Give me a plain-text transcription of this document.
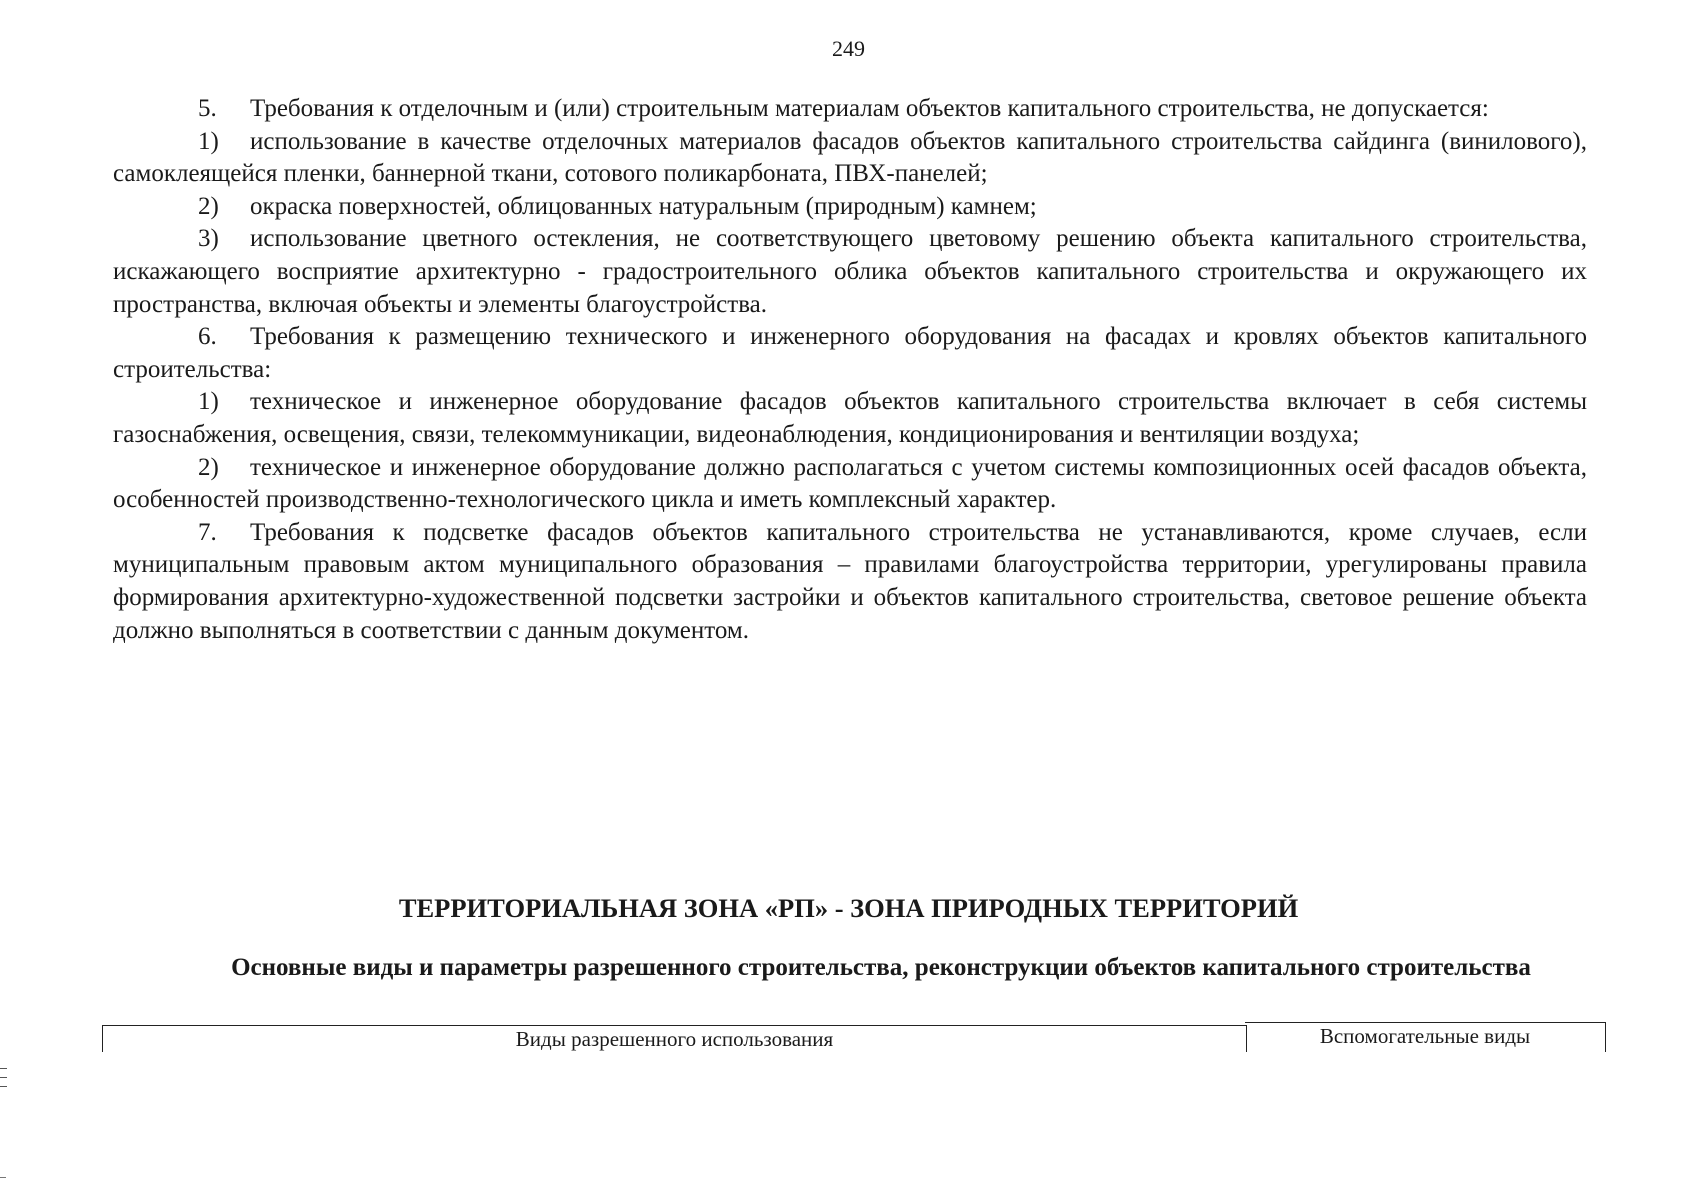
249

5. Требования к отделочным и (или) строительным материалам объектов капитального строительства, не допускается:

1) использование в качестве отделочных материалов фасадов объектов капитального строительства сайдинга (винилового), самоклеящейся пленки, баннерной ткани, сотового поликарбоната, ПВХ-панелей;

2) окраска поверхностей, облицованных натуральным (природным) камнем;

3) использование цветного остекления, не соответствующего цветовому решению объекта капитального строительства, искажающего восприятие архитектурно - градостроительного облика объектов капитального строительства и окружающего их пространства, включая объекты и элементы благоустройства.

6. Требования к размещению технического и инженерного оборудования на фасадах и кровлях объектов капитального строительства:

1) техническое и инженерное оборудование фасадов объектов капитального строительства включает в себя системы газоснабжения, освещения, связи, телекоммуникации, видеонаблюдения, кондиционирования и вентиляции воздуха;

2) техническое и инженерное оборудование должно располагаться с учетом системы композиционных осей фасадов объекта, особенностей производственно-технологического цикла и иметь комплексный характер.

7. Требования к подсветке фасадов объектов капитального строительства не устанавливаются, кроме случаев, если муниципальным правовым актом муниципального образования – правилами благоустройства территории, урегулированы правила формирования архитектурно-художественной подсветки застройки и объектов капитального строительства, световое решение объекта должно выполняться в соответствии с данным документом.

ТЕРРИТОРИАЛЬНАЯ ЗОНА «РП» - ЗОНА ПРИРОДНЫХ ТЕРРИТОРИЙ
Основные виды и параметры разрешенного строительства, реконструкции объектов капитального строительства
Виды разрешенного использования	Вспомогательные виды
